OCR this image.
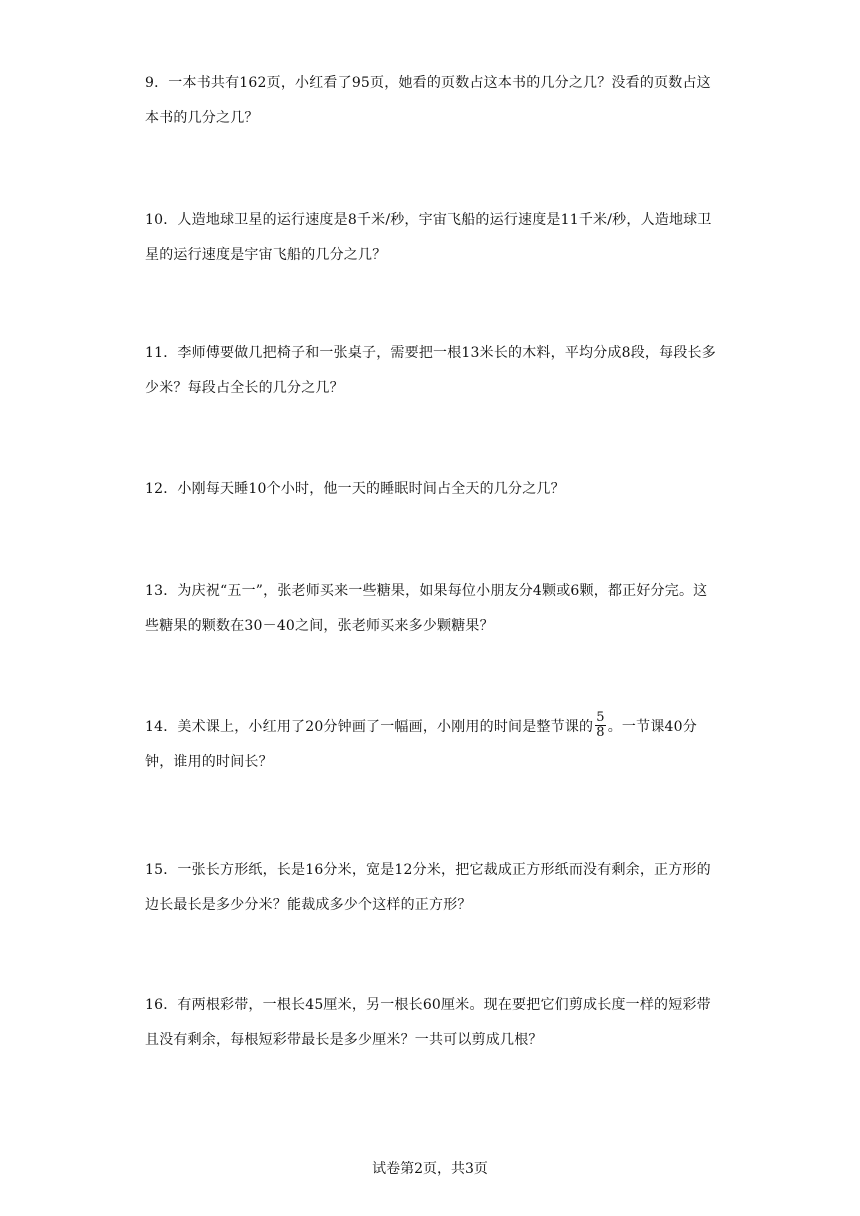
9．一本书共有162页，小红看了95页，她看的页数占这本书的几分之几？没看的页数占这本书的几分之几？
10．人造地球卫星的运行速度是8千米/秒，宇宙飞船的运行速度是11千米/秒，人造地球卫星的运行速度是宇宙飞船的几分之几？
11．李师傅要做几把椅子和一张桌子，需要把一根13米长的木料，平均分成8段，每段长多少米？每段占全长的几分之几？
12．小刚每天睡10个小时，他一天的睡眠时间占全天的几分之几？
13．为庆祝“五一”，张老师买来一些糖果，如果每位小朋友分4颗或6颗，都正好分完。这些糖果的颗数在30－40之间，张老师买来多少颗糖果？
14．美术课上，小红用了20分钟画了一幅画，小刚用的时间是整节课的 $\frac{5}{8}$ 。一节课40分钟，谁用的时间长？
15．一张长方形纸，长是16分米，宽是12分米，把它裁成正方形纸而没有剩余，正方形的边长最长是多少分米？能裁成多少个这样的正方形？
16．有两根彩带，一根长45厘米，另一根长60厘米。现在要把它们剪成长度一样的短彩带且没有剩余，每根短彩带最长是多少厘米？一共可以剪成几根？
试卷第2页，共3页
